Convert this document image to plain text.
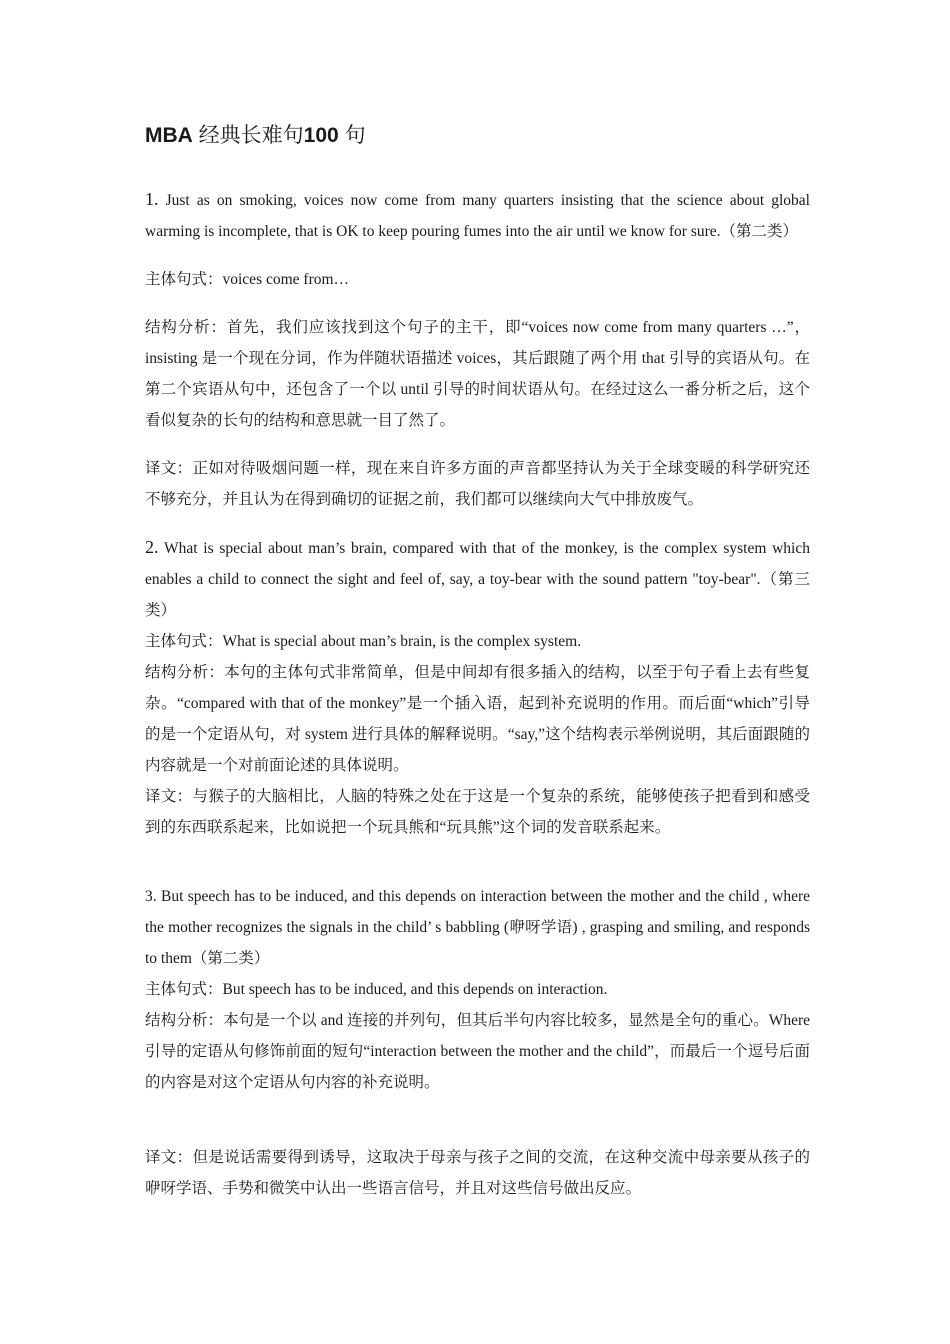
MBA 经典长难句100 句

1. Just as on smoking, voices now come from many quarters insisting that the science about global warming is incomplete, that is OK to keep pouring fumes into the air until we know for sure.（第二类）

主体句式：voices come from…

结构分析：首先，我们应该找到这个句子的主干，即“voices now come from many quarters …”，insisting 是一个现在分词，作为伴随状语描述 voices，其后跟随了两个用 that 引导的宾语从句。在第二个宾语从句中，还包含了一个以 until 引导的时间状语从句。在经过这么一番分析之后，这个看似复杂的长句的结构和意思就一目了然了。

译文：正如对待吸烟问题一样，现在来自许多方面的声音都坚持认为关于全球变暖的科学研究还不够充分，并且认为在得到确切的证据之前，我们都可以继续向大气中排放废气。

2. What is special about man’s brain, compared with that of the monkey, is the complex system which enables a child to connect the sight and feel of, say, a toy-bear with the sound pattern "toy-bear".（第三类）

主体句式：What is special about man’s brain, is the complex system.

结构分析：本句的主体句式非常简单，但是中间却有很多插入的结构，以至于句子看上去有些复杂。“compared with that of the monkey”是一个插入语，起到补充说明的作用。而后面“which”引导的是一个定语从句，对 system 进行具体的解释说明。“say,”这个结构表示举例说明，其后面跟随的内容就是一个对前面论述的具体说明。

译文：与猴子的大脑相比，人脑的特殊之处在于这是一个复杂的系统，能够使孩子把看到和感受到的东西联系起来，比如说把一个玩具熊和“玩具熊”这个词的发音联系起来。

3. But speech has to be induced, and this depends on interaction between the mother and the child , where the mother recognizes the signals in the child’ s babbling (咿呀学语) , grasping and smiling, and responds to them（第二类）

主体句式：But speech has to be induced, and this depends on interaction.

结构分析：本句是一个以 and 连接的并列句，但其后半句内容比较多，显然是全句的重心。Where 引导的定语从句修饰前面的短句“interaction between the mother and the child”，而最后一个逗号后面的内容是对这个定语从句内容的补充说明。

译文：但是说话需要得到诱导，这取决于母亲与孩子之间的交流，在这种交流中母亲要从孩子的咿呀学语、手势和微笑中认出一些语言信号，并且对这些信号做出反应。
